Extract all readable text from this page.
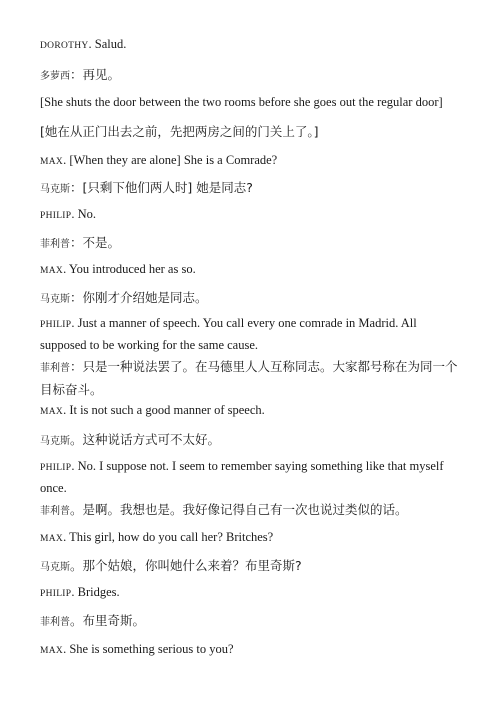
DOROTHY. Salud.

多萝西：再见。

[She shuts the door between the two rooms before she goes out the regular door]

[她在从正门出去之前，先把两房之间的门关上了。]

MAX. [When they are alone] She is a Comrade?

马克斯：[只剩下他们两人时] 她是同志?

PHILIP. No.

菲利普：不是。

MAX. You introduced her as so.

马克斯：你刚才介绍她是同志。

PHILIP. Just a manner of speech. You call every one comrade in Madrid. All supposed to be working for the same cause.

菲利普：只是一种说法罢了。在马德里人人互称同志。大家都号称在为同一个目标奋斗。

MAX. It is not such a good manner of speech.

马克斯。这种说话方式可不太好。

PHILIP. No. I suppose not. I seem to remember saying something like that myself once.

菲利普。是啊。我想也是。我好像记得自己有一次也说过类似的话。

MAX. This girl, how do you call her? Britches?

马克斯。那个姑娘，你叫她什么来着？布里奇斯?

PHILIP. Bridges.

菲利普。布里奇斯。

MAX. She is something serious to you?
